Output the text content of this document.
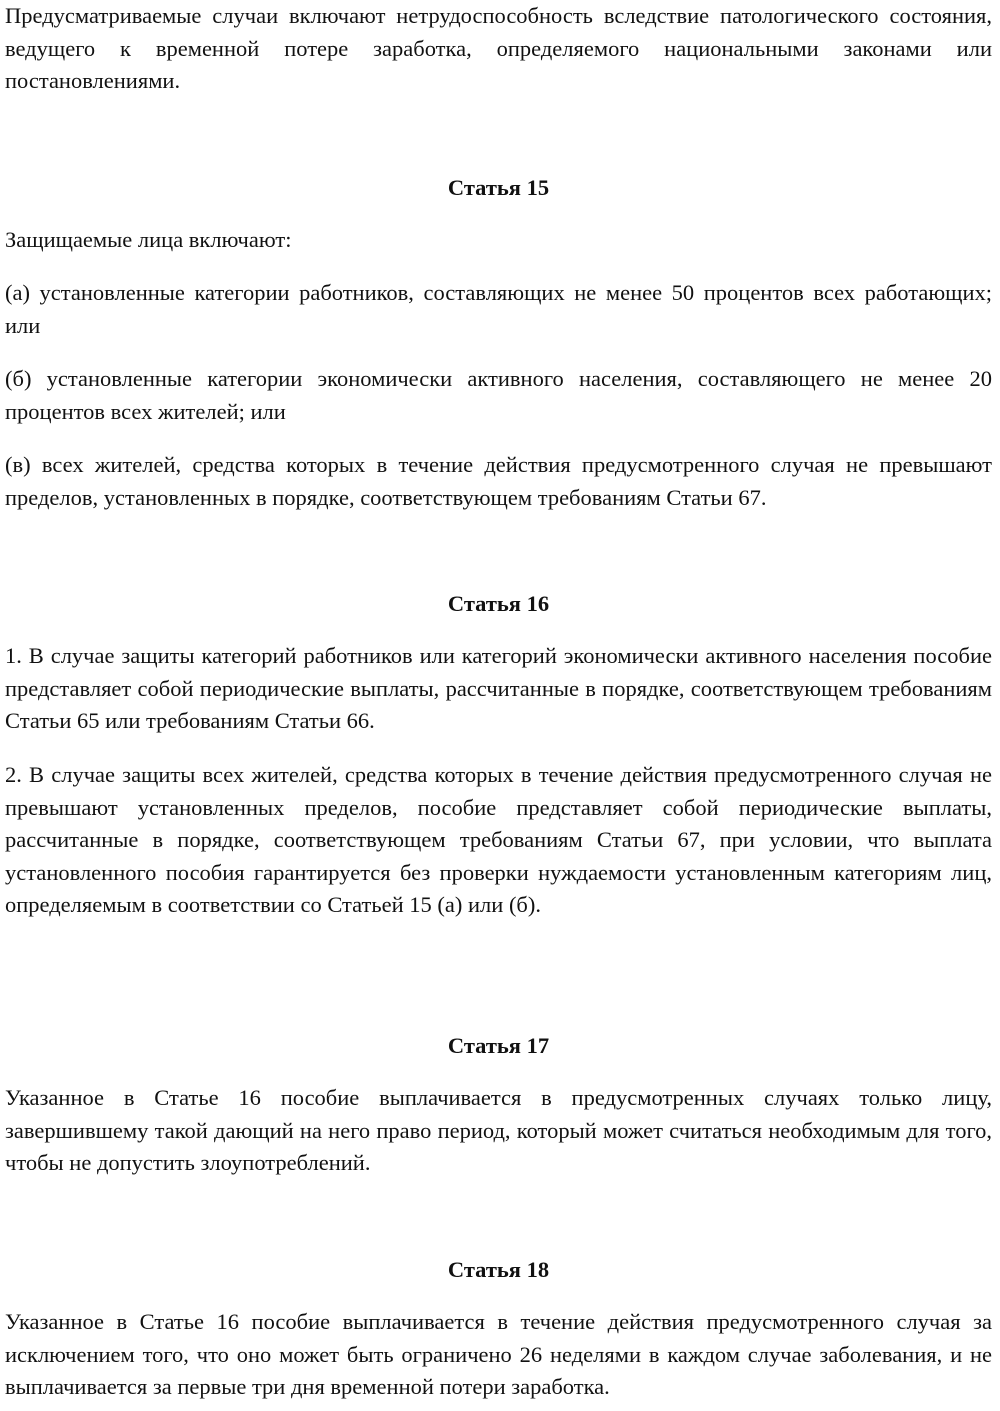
Предусматриваемые случаи включают нетрудоспособность вследствие патологического состояния, ведущего к временной потере заработка, определяемого национальными законами или постановлениями.

Статья 15

Защищаемые лица включают:

(а) установленные категории работников, составляющих не менее 50 процентов всех работающих; или

(б) установленные категории экономически активного населения, составляющего не менее 20 процентов всех жителей; или

(в) всех жителей, средства которых в течение действия предусмотренного случая не превышают пределов, установленных в порядке, соответствующем требованиям Статьи 67.

Статья 16

1. В случае защиты категорий работников или категорий экономически активного населения пособие представляет собой периодические выплаты, рассчитанные в порядке, соответствующем требованиям Статьи 65 или требованиям Статьи 66.

2. В случае защиты всех жителей, средства которых в течение действия предусмотренного случая не превышают установленных пределов, пособие представляет собой периодические выплаты, рассчитанные в порядке, соответствующем требованиям Статьи 67, при условии, что выплата установленного пособия гарантируется без проверки нуждаемости установленным категориям лиц, определяемым в соответствии со Статьей 15 (а) или (б).

Статья 17

Указанное в Статье 16 пособие выплачивается в предусмотренных случаях только лицу, завершившему такой дающий на него право период, который может считаться необходимым для того, чтобы не допустить злоупотреблений.

Статья 18

Указанное в Статье 16 пособие выплачивается в течение действия предусмотренного случая за исключением того, что оно может быть ограничено 26 неделями в каждом случае заболевания, и не выплачивается за первые три дня временной потери заработка.
